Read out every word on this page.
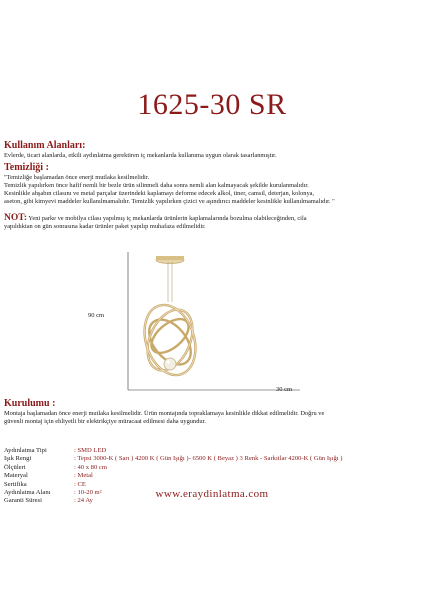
1625-30 SR
Kullanım Alanları:
Evlerde, ticari alanlarda, etkili aydınlatma gerektiren iç mekanlarda kullanıma uygun olarak tasarlanmıştır.
Temizliği :
"Temizliğe başlamadan önce enerji mutlaka kesilmelidir.
Temizlik yapılırken önce hafif nemli bir bezle ürün silinmeli daha sonra nemli alan kalmayacak şekilde kurulanmalıdır.
Kesinlikle ahşabın cilasını ve metal parçalar üzerindeki kaplamayı deforme edecek alkol, tiner, camsil, deterjan, kolonya,
aseton, gibi kimyevi maddeler kullanılmamalıdır. Temizlik yapılırken çizici ve aşındırıcı maddeler kesinlikle kullanılmamalıdır. "
NOT: Yeni parke ve mobilya cilası yapılmış iç mekanlarda ürünlerin kaplamalarında bozulma olabileceğinden, cila
yapıldıktan on gün sonrasına kadar ürünler paket yapılıp muhafaza edilmelidir.
90 cm
30 cm
Kurulumu :
Montaja başlamadan önce enerji mutlaka kesilmelidir. Ürün montajında topraklamaya kesinlikle dikkat edilmelidir. Doğru ve
güvenli montaj için ehliyetli bir elektrikçiye müracaat edilmesi daha uygundur.
Aydınlatma Tipi	: SMD LED
Işık Rengi	: Tepsi 3000-K ( Sarı ) 4200 K ( Gün Işığı )- 6500 K ( Beyaz ) 3 Renk - Sarkıtlar 4200-K ( Gün Işığı )
Ölçüleri	: 40 x 80 cm
Materyal	: Metal
Sertifika	: CE
Aydınlatma Alanı	: 10-20 m²
Garanti Süresi	: 24 Ay
www.eraydinlatma.com
